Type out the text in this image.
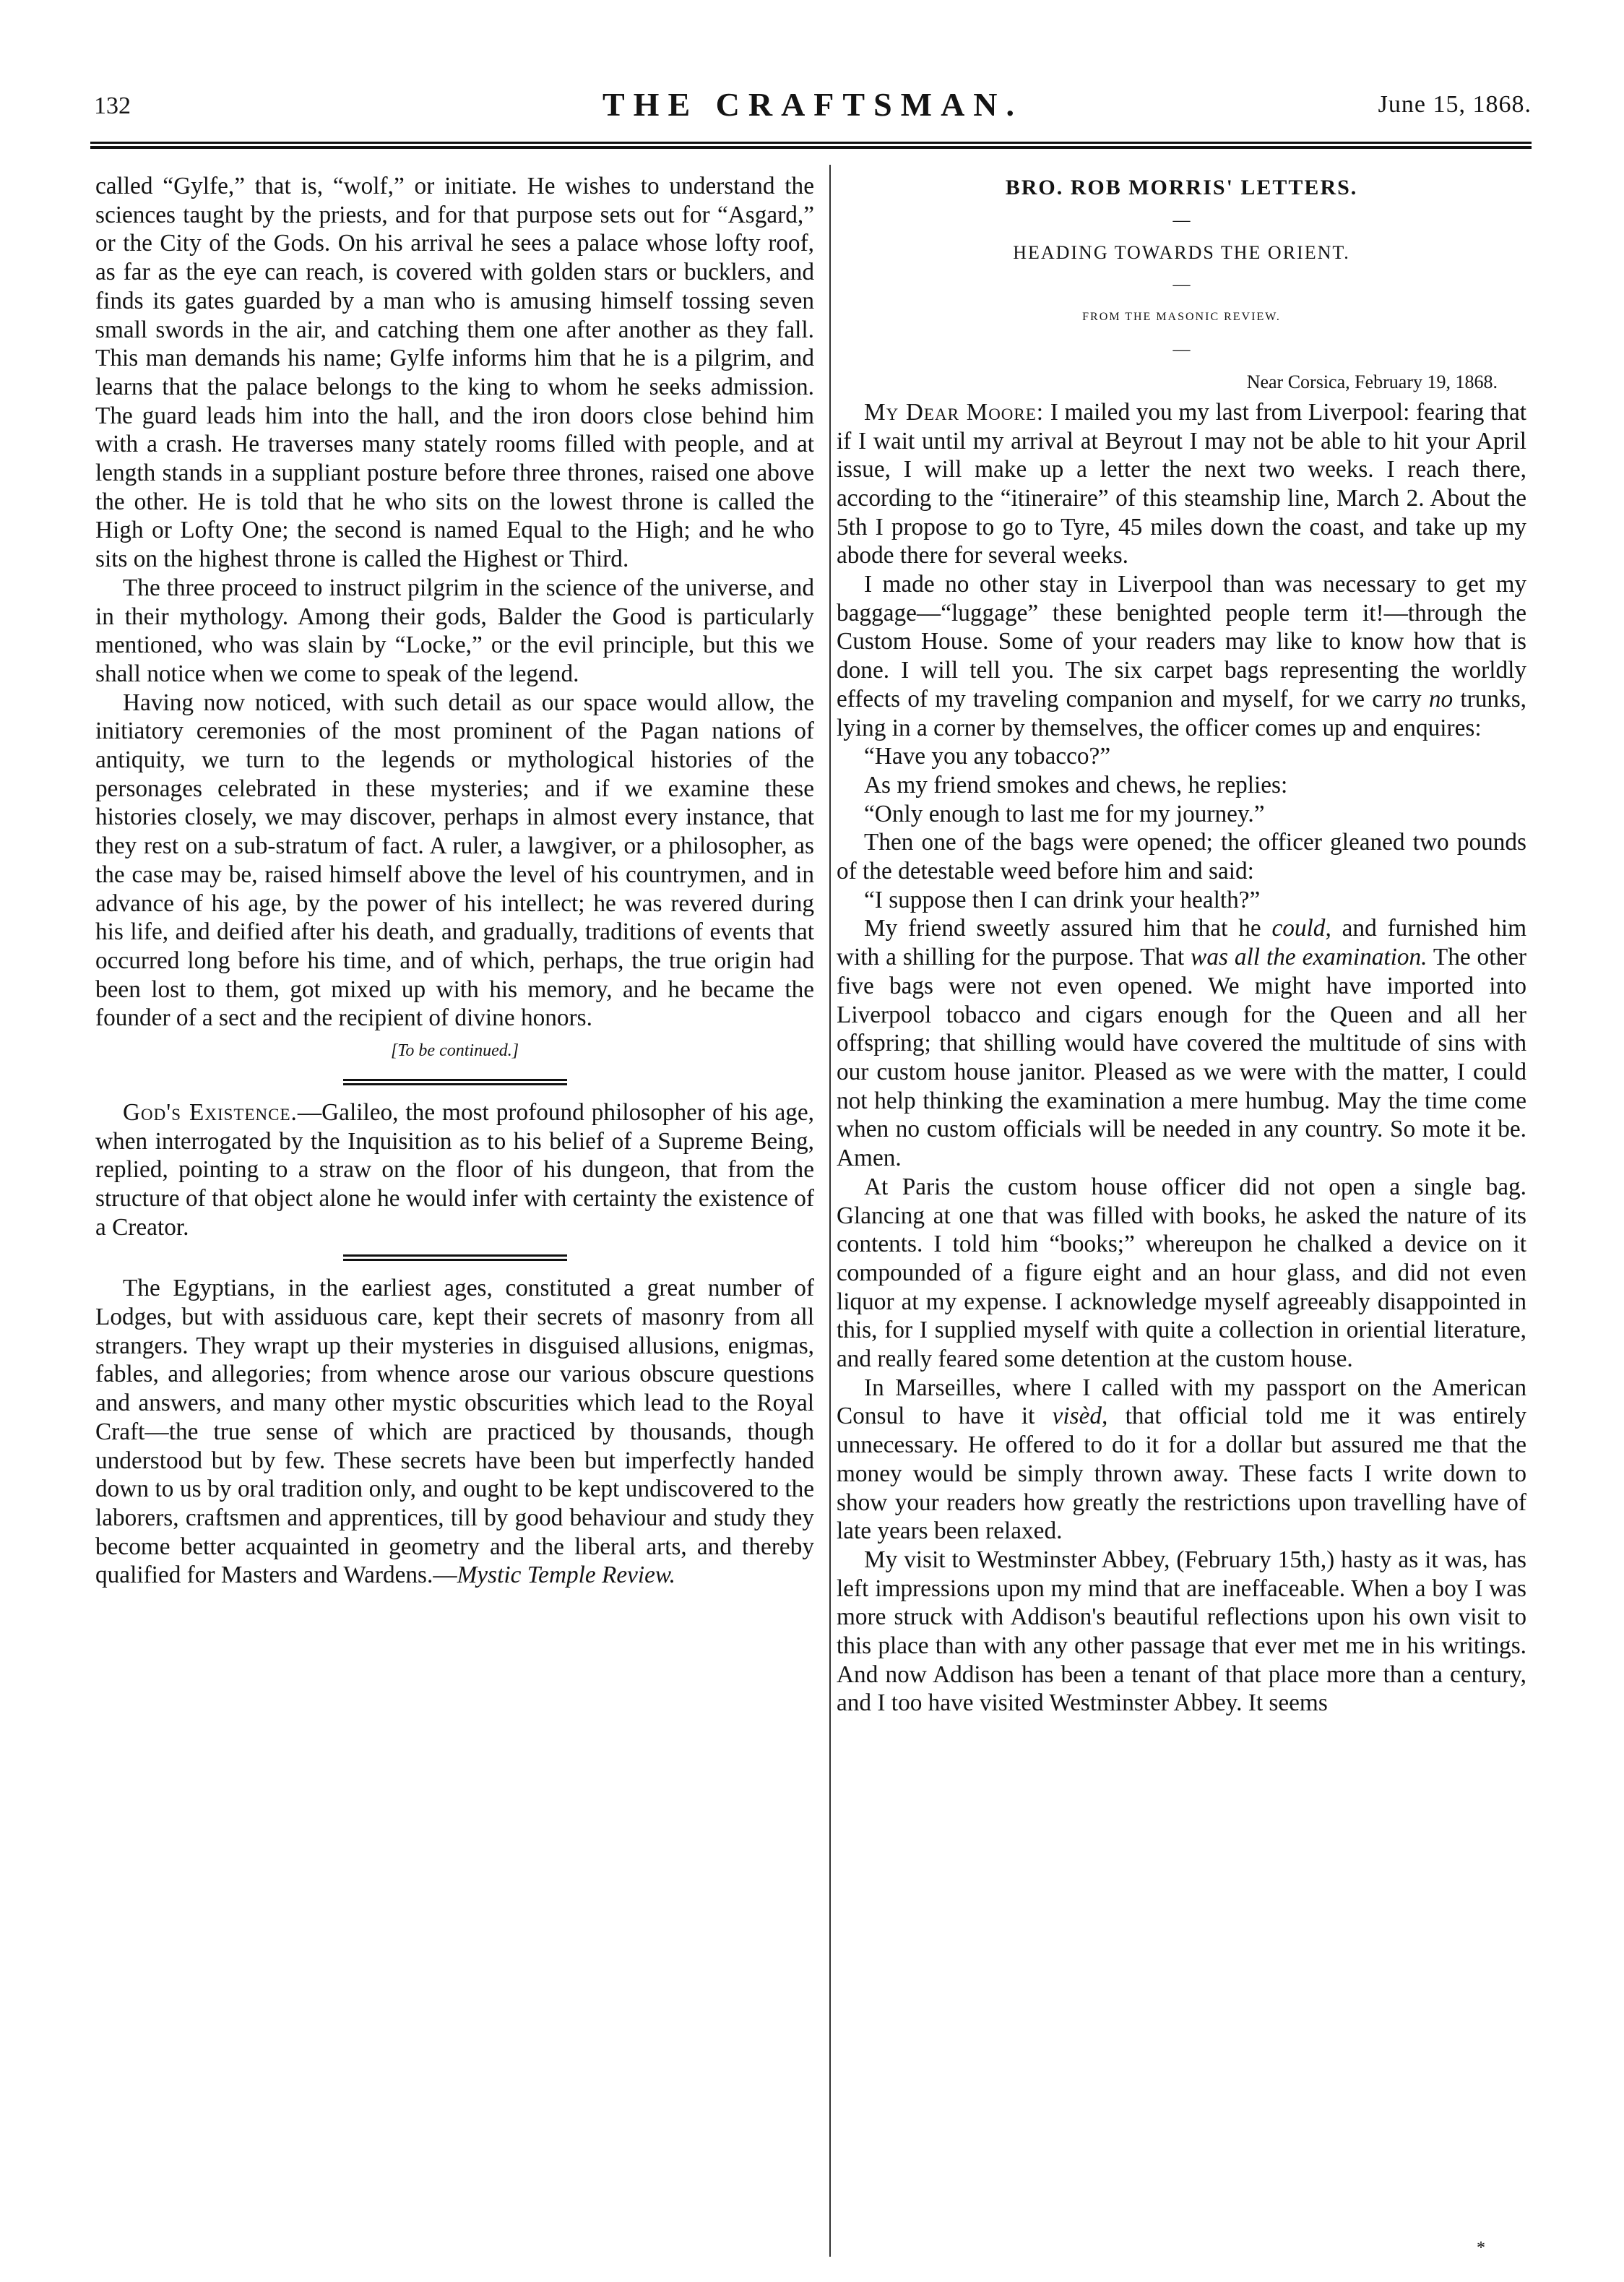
132	THE CRAFTSMAN.	June 15, 1868.

called “Gylfe,” that is, “wolf,” or initiate. He wishes to understand the sciences taught by the priests, and for that purpose sets out for “Asgard,” or the City of the Gods. On his arrival he sees a palace whose lofty roof, as far as the eye can reach, is covered with golden stars or bucklers, and finds its gates guarded by a man who is amusing himself tossing seven small swords in the air, and catching them one after another as they fall. This man demands his name; Gylfe informs him that he is a pilgrim, and learns that the palace belongs to the king to whom he seeks admission. The guard leads him into the hall, and the iron doors close behind him with a crash. He traverses many stately rooms filled with people, and at length stands in a suppliant posture before three thrones, raised one above the other. He is told that he who sits on the lowest throne is called the High or Lofty One; the second is named Equal to the High; and he who sits on the highest throne is called the Highest or Third.

The three proceed to instruct pilgrim in the science of the universe, and in their mythology. Among their gods, Balder the Good is particularly mentioned, who was slain by “Locke,” or the evil principle, but this we shall notice when we come to speak of the legend.

Having now noticed, with such detail as our space would allow, the initiatory ceremonies of the most prominent of the Pagan nations of antiquity, we turn to the legends or mythological histories of the personages celebrated in these mysteries; and if we examine these histories closely, we may discover, perhaps in almost every instance, that they rest on a sub-stratum of fact. A ruler, a lawgiver, or a philosopher, as the case may be, raised himself above the level of his countrymen, and in advance of his age, by the power of his intellect; he was revered during his life, and deified after his death, and gradually, traditions of events that occurred long before his time, and of which, perhaps, the true origin had been lost to them, got mixed up with his memory, and he became the founder of a sect and the recipient of divine honors.

[To be continued.]

God's Existence.—Galileo, the most profound philosopher of his age, when interrogated by the Inquisition as to his belief of a Supreme Being, replied, pointing to a straw on the floor of his dungeon, that from the structure of that object alone he would infer with certainty the existence of a Creator.

The Egyptians, in the earliest ages, constituted a great number of Lodges, but with assiduous care, kept their secrets of masonry from all strangers. They wrapt up their mysteries in disguised allusions, enigmas, fables, and allegories; from whence arose our various obscure questions and answers, and many other mystic obscurities which lead to the Royal Craft—the true sense of which are practiced by thousands, though understood but by few. These secrets have been but imperfectly handed down to us by oral tradition only, and ought to be kept undiscovered to the laborers, craftsmen and apprentices, till by good behaviour and study they become better acquainted in geometry and the liberal arts, and thereby qualified for Masters and Wardens.—Mystic Temple Review.

BRO. ROB MORRIS' LETTERS.
—
HEADING TOWARDS THE ORIENT.
—
FROM THE MASONIC REVIEW.
—
Near Corsica, February 19, 1868.

My Dear Moore: I mailed you my last from Liverpool: fearing that if I wait until my arrival at Beyrout I may not be able to hit your April issue, I will make up a letter the next two weeks. I reach there, according to the “itineraire” of this steamship line, March 2. About the 5th I propose to go to Tyre, 45 miles down the coast, and take up my abode there for several weeks.

I made no other stay in Liverpool than was necessary to get my baggage—“luggage” these benighted people term it!—through the Custom House. Some of your readers may like to know how that is done. I will tell you. The six carpet bags representing the worldly effects of my traveling companion and myself, for we carry no trunks, lying in a corner by themselves, the officer comes up and enquires:

“Have you any tobacco?”

As my friend smokes and chews, he replies:

“Only enough to last me for my journey.”

Then one of the bags were opened; the officer gleaned two pounds of the detestable weed before him and said:

“I suppose then I can drink your health?”

My friend sweetly assured him that he could, and furnished him with a shilling for the purpose. That was all the examination. The other five bags were not even opened. We might have imported into Liverpool tobacco and cigars enough for the Queen and all her offspring; that shilling would have covered the multitude of sins with our custom house janitor. Pleased as we were with the matter, I could not help thinking the examination a mere humbug. May the time come when no custom officials will be needed in any country. So mote it be. Amen.

At Paris the custom house officer did not open a single bag. Glancing at one that was filled with books, he asked the nature of its contents. I told him “books;” whereupon he chalked a device on it compounded of a figure eight and an hour glass, and did not even liquor at my expense. I acknowledge myself agreeably disappointed in this, for I supplied myself with quite a collection in oriential literature, and really feared some detention at the custom house.

In Marseilles, where I called with my passport on the American Consul to have it visèd, that official told me it was entirely unnecessary. He offered to do it for a dollar but assured me that the money would be simply thrown away. These facts I write down to show your readers how greatly the restrictions upon travelling have of late years been relaxed.

My visit to Westminster Abbey, (February 15th,) hasty as it was, has left impressions upon my mind that are ineffaceable. When a boy I was more struck with Addison's beautiful reflections upon his own visit to this place than with any other passage that ever met me in his writings. And now Addison has been a tenant of that place more than a century, and I too have visited Westminster Abbey. It seems

*
